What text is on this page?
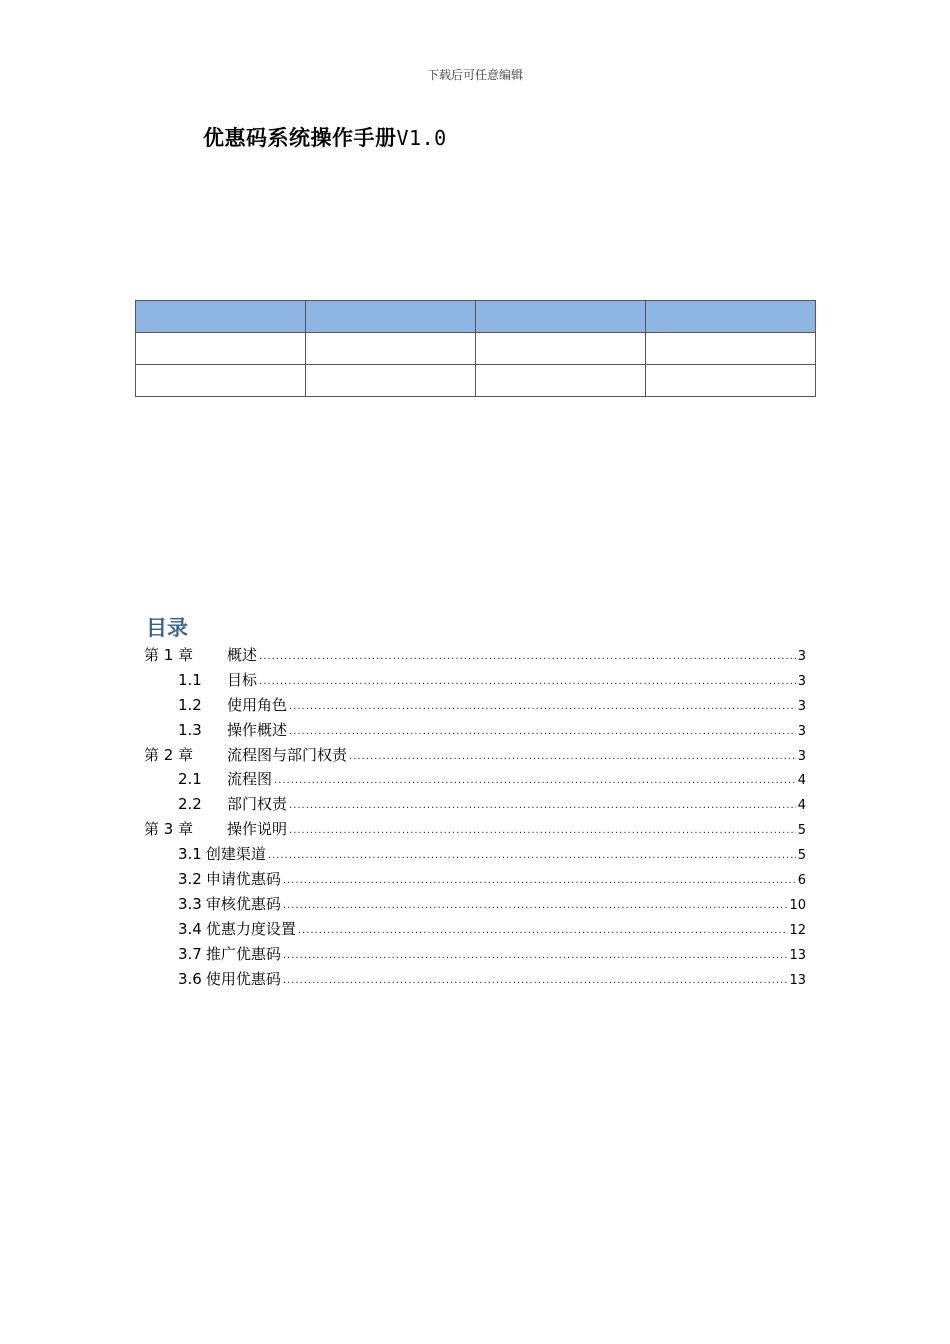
下载后可任意编辑
优惠码系统操作手册V1.0

目录
第 1 章	概述 .....	3
1.1	目标 .....	3
1.2	使用角色 .....	3
1.3	操作概述 .....	3
第 2 章	流程图与部门权责 .....	3
2.1	流程图 .....	4
2.2	部门权责 .....	4
第 3 章	操作说明 .....	5
3.1 创建渠道 .....	5
3.2 申请优惠码 .....	6
3.3 审核优惠码 .....	10
3.4 优惠力度设置 .....	12
3.7 推广优惠码 .....	13
3.6 使用优惠码 .....	13
